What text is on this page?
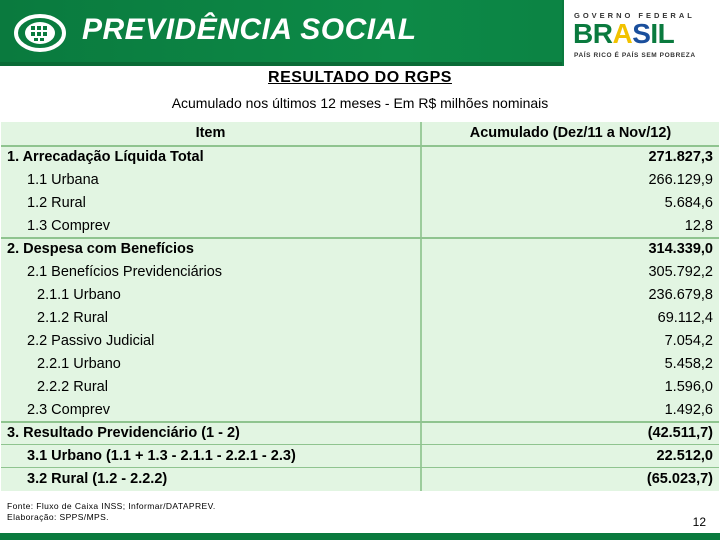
PREVIDÊNCIA SOCIAL	GOVERNO FEDERAL
BRASIL
PAÍS RICO É PAÍS SEM POBREZA
RESULTADO DO RGPS
Acumulado nos últimos 12 meses - Em R$ milhões nominais
Item	Acumulado (Dez/11 a Nov/12)
1. Arrecadação Líquida Total	271.827,3
1.1 Urbana	266.129,9
1.2 Rural	5.684,6
1.3 Comprev	12,8
2. Despesa com Benefícios	314.339,0
2.1 Benefícios Previdenciários	305.792,2
2.1.1 Urbano	236.679,8
2.1.2 Rural	69.112,4
2.2 Passivo Judicial	7.054,2
2.2.1 Urbano	5.458,2
2.2.2 Rural	1.596,0
2.3 Comprev	1.492,6
3. Resultado Previdenciário (1 - 2)	(42.511,7)
3.1 Urbano (1.1 + 1.3 - 2.1.1 - 2.2.1 - 2.3)	22.512,0
3.2 Rural (1.2 - 2.2.2)	(65.023,7)
Fonte: Fluxo de Caixa INSS; Informar/DATAPREV.
Elaboração: SPPS/MPS.	12
